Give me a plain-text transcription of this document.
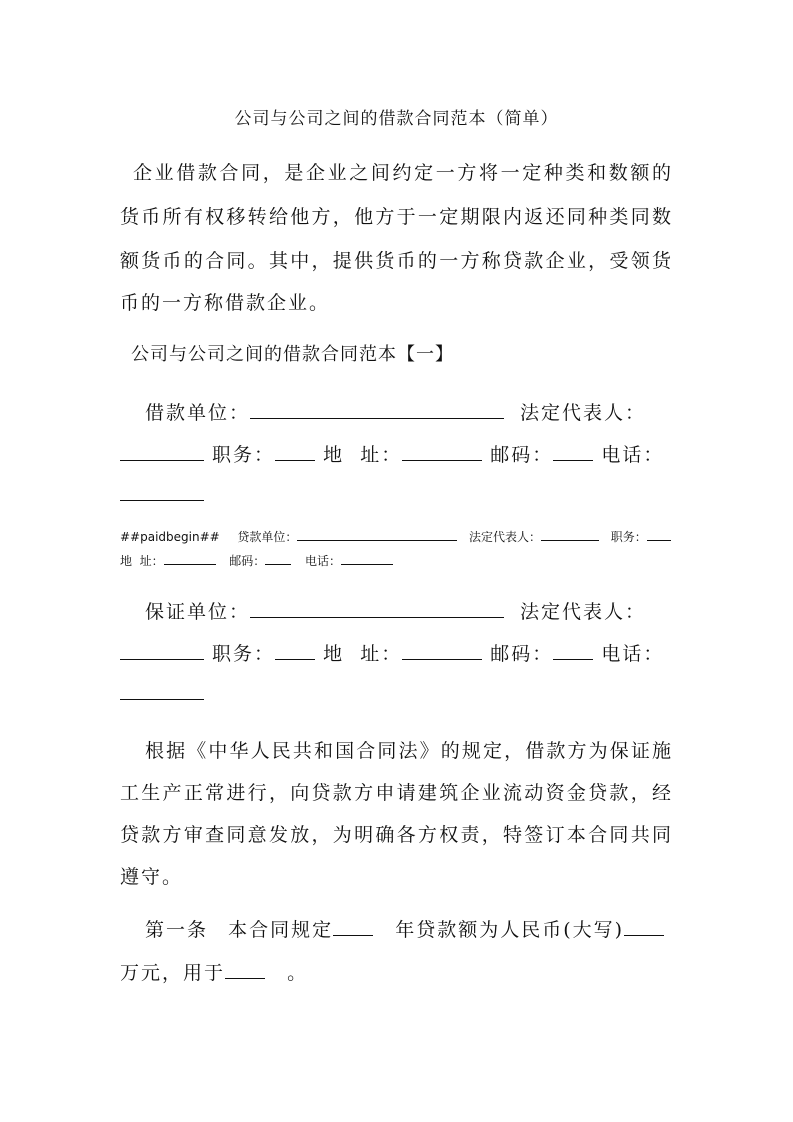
公司与公司之间的借款合同范本（简单）
企业借款合同，是企业之间约定一方将一定种类和数额的
货币所有权移转给他方，他方于一定期限内返还同种类同数
额货币的合同。其中，提供货币的一方称贷款企业，受领货
币的一方称借款企业。
公司与公司之间的借款合同范本【一】
借款单位：	法定代表人：
职务：	地  址：	邮码：	电话：
##paidbegin## 贷款单位：	法定代表人：	职务：
地  址：	邮码：	电话：
保证单位：	法定代表人：
职务：	地  址：	邮码：	电话：
根据《中华人民共和国合同法》的规定，借款方为保证施
工生产正常进行，向贷款方申请建筑企业流动资金贷款，经
贷款方审查同意发放，为明确各方权责，特签订本合同共同
遵守。
第一条 本合同规定	年贷款额为人民币(大写)
万元，用于	。
